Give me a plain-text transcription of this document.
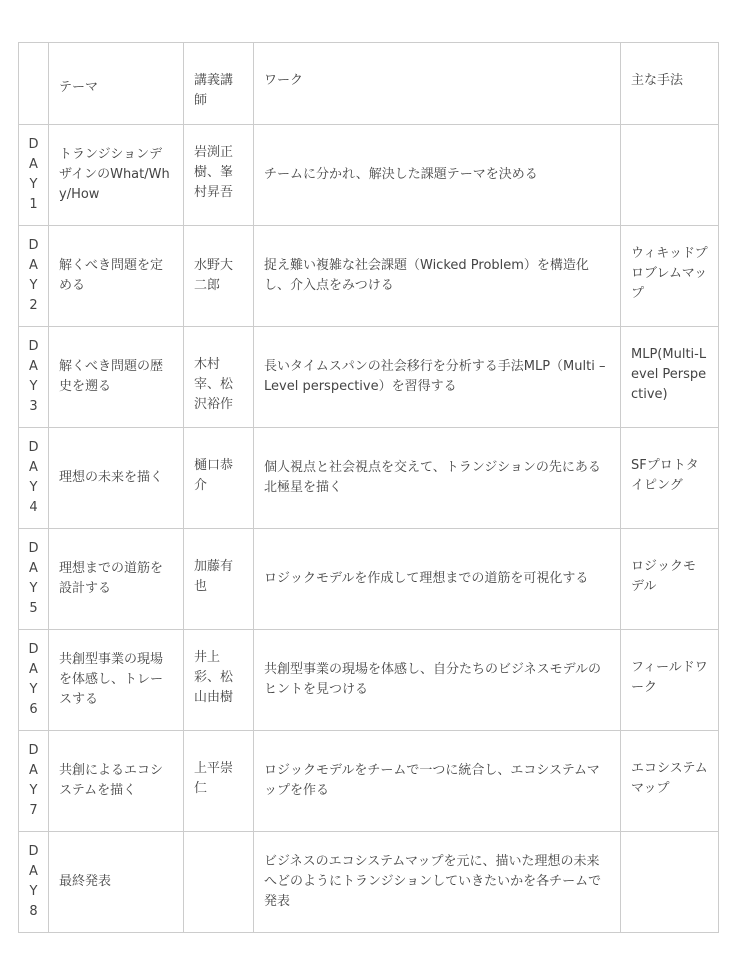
	テーマ	講義講師	ワーク	主な手法

D
A
Y
1	トランジションデザインのWhat/Why/How	岩渕正樹、峯村昇吾	チームに分かれ、解決した課題テーマを決める	

D
A
Y
2	解くべき問題を定める	水野大二郎	捉え難い複雑な社会課題（Wicked Problem）を構造化し、介入点をみつける	ウィキッドプロブレムマップ

D
A
Y
3	解くべき問題の歴史を遡る	木村宰、松沢裕作	長いタイムスパンの社会移行を分析する手法MLP（Multi – Level perspective）を習得する	MLP(Multi-Level Perspective)

D
A
Y
4	理想の未来を描く	樋口恭介	個人視点と社会視点を交えて、トランジションの先にある北極星を描く	SFプロトタイピング

D
A
Y
5	理想までの道筋を設計する	加藤有也	ロジックモデルを作成して理想までの道筋を可視化する	ロジックモデル

D
A
Y
6	共創型事業の現場を体感し、トレースする	井上彩、松山由樹	共創型事業の現場を体感し、自分たちのビジネスモデルのヒントを見つける	フィールドワーク

D
A
Y
7	共創によるエコシステムを描く	上平崇仁	ロジックモデルをチームで一つに統合し、エコシステムマップを作る	エコシステムマップ

D
A
Y
8	最終発表		ビジネスのエコシステムマップを元に、描いた理想の未来へどのようにトランジションしていきたいかを各チームで発表	
